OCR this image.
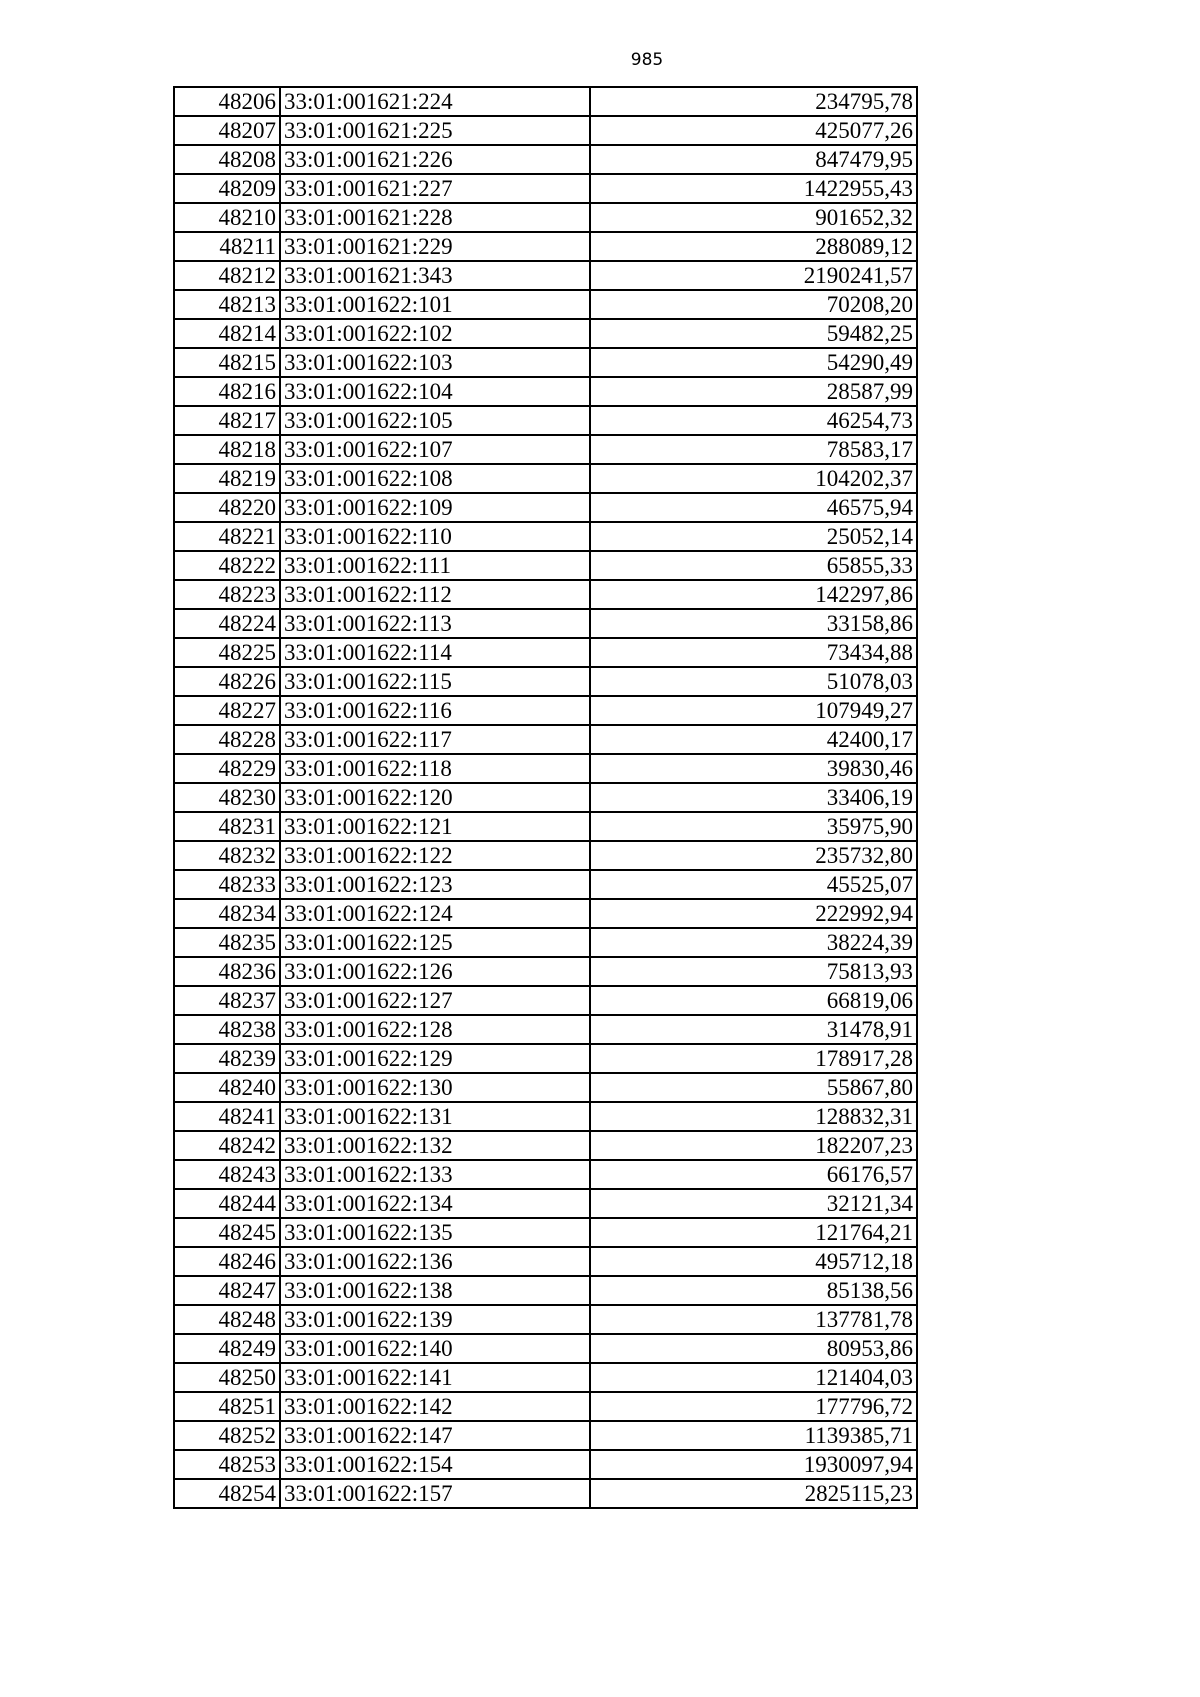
985
48206	33:01:001621:224	234795,78
48207	33:01:001621:225	425077,26
48208	33:01:001621:226	847479,95
48209	33:01:001621:227	1422955,43
48210	33:01:001621:228	901652,32
48211	33:01:001621:229	288089,12
48212	33:01:001621:343	2190241,57
48213	33:01:001622:101	70208,20
48214	33:01:001622:102	59482,25
48215	33:01:001622:103	54290,49
48216	33:01:001622:104	28587,99
48217	33:01:001622:105	46254,73
48218	33:01:001622:107	78583,17
48219	33:01:001622:108	104202,37
48220	33:01:001622:109	46575,94
48221	33:01:001622:110	25052,14
48222	33:01:001622:111	65855,33
48223	33:01:001622:112	142297,86
48224	33:01:001622:113	33158,86
48225	33:01:001622:114	73434,88
48226	33:01:001622:115	51078,03
48227	33:01:001622:116	107949,27
48228	33:01:001622:117	42400,17
48229	33:01:001622:118	39830,46
48230	33:01:001622:120	33406,19
48231	33:01:001622:121	35975,90
48232	33:01:001622:122	235732,80
48233	33:01:001622:123	45525,07
48234	33:01:001622:124	222992,94
48235	33:01:001622:125	38224,39
48236	33:01:001622:126	75813,93
48237	33:01:001622:127	66819,06
48238	33:01:001622:128	31478,91
48239	33:01:001622:129	178917,28
48240	33:01:001622:130	55867,80
48241	33:01:001622:131	128832,31
48242	33:01:001622:132	182207,23
48243	33:01:001622:133	66176,57
48244	33:01:001622:134	32121,34
48245	33:01:001622:135	121764,21
48246	33:01:001622:136	495712,18
48247	33:01:001622:138	85138,56
48248	33:01:001622:139	137781,78
48249	33:01:001622:140	80953,86
48250	33:01:001622:141	121404,03
48251	33:01:001622:142	177796,72
48252	33:01:001622:147	1139385,71
48253	33:01:001622:154	1930097,94
48254	33:01:001622:157	2825115,23
